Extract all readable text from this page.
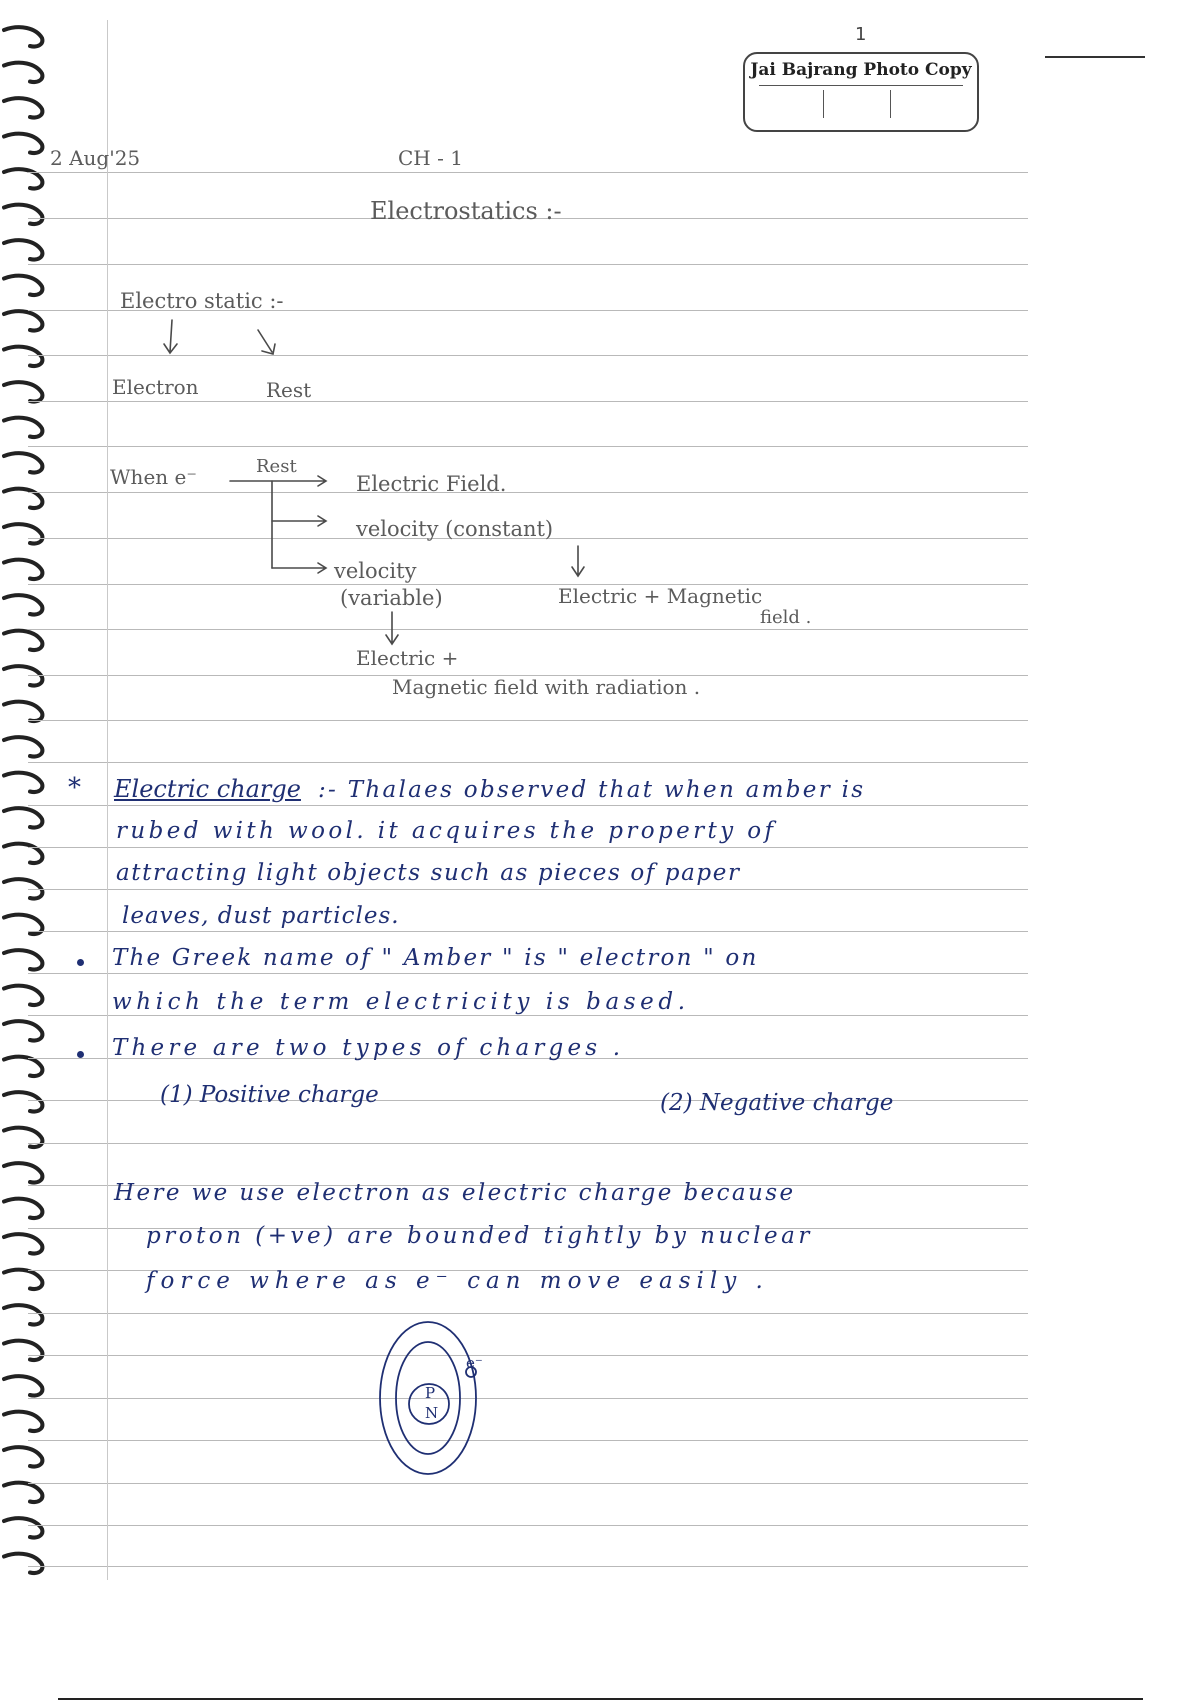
1
Jai Bajrang Photo Copy
2 Aug'25	CH - 1
Electrostatics :-
Electro static :-
Electron	Rest
When e⁻	Rest
Electric Field.
velocity (constant)
velocity
(variable)	Electric + Magnetic
field .
Electric +
Magnetic field with radiation .
* Electric charge :- Thalaes observed that when amber is
rubed with wool. it acquires the property of
attracting light objects such as pieces of paper
leaves, dust particles.
The Greek name of " Amber " is " electron " on
which the term electricity is based.
There are two types of charges .
(1) Positive charge	(2) Negative charge
Here we use electron as electric charge because
proton (+ve) are bounded tightly by nuclear
force where as e⁻ can move easily .
P
N
e⁻
